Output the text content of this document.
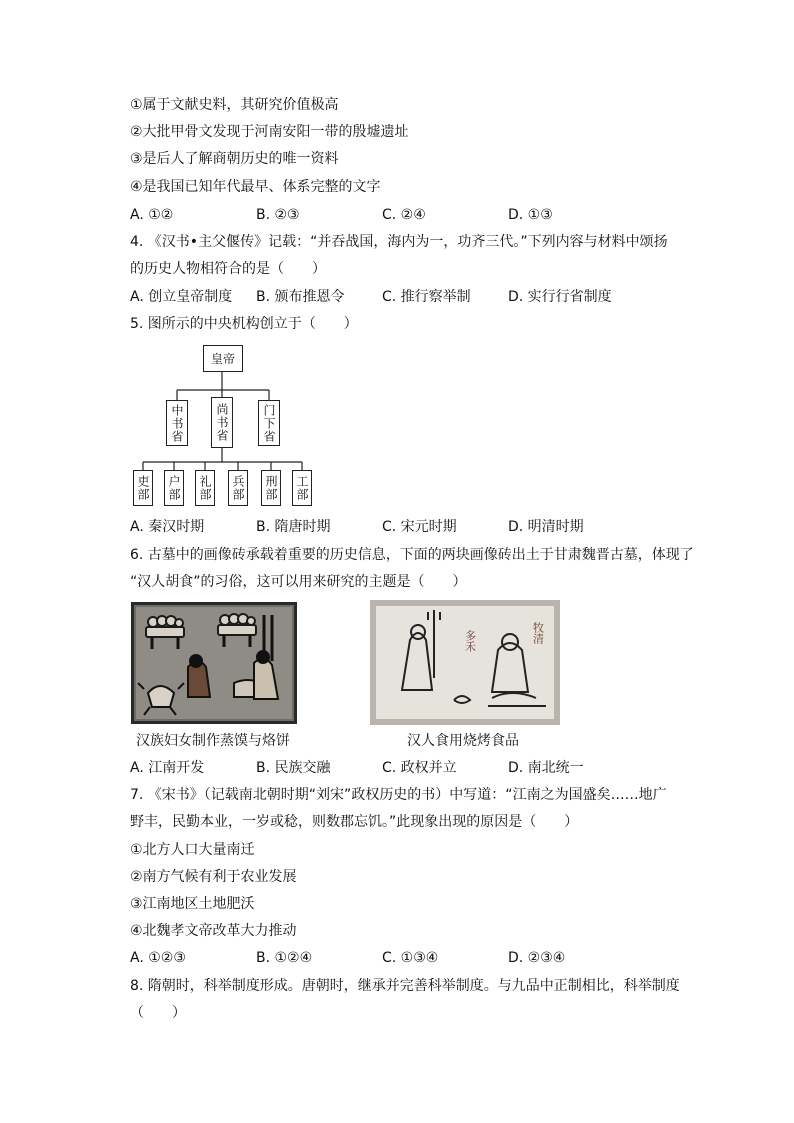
①属于文献史料，其研究价值极高
②大批甲骨文发现于河南安阳一带的殷墟遗址
③是后人了解商朝历史的唯一资料
④是我国已知年代最早、体系完整的文字
A. ①②	B. ②③	C. ②④	D. ①③
4. 《汉书•主父偃传》记载：“并吞战国，海内为一，功齐三代。”下列内容与材料中颂扬
的历史人物相符合的是（　　）
A. 创立皇帝制度 B. 颁布推恩令	C. 推行察举制	D. 实行行省制度
5. 图所示的中央机构创立于（　　）
皇帝
中书省	尚书省	门下省
吏部 户部 礼部 兵部 刑部 工部
A. 秦汉时期	B. 隋唐时期	C. 宋元时期	D. 明清时期
6. 古墓中的画像砖承载着重要的历史信息，下面的两块画像砖出土于甘肃魏晋古墓，体现了
“汉人胡食”的习俗，这可以用来研究的主题是（　　）
多禾	牧清
汉族妇女制作蒸馍与烙饼	汉人食用烧烤食品
A. 江南开发	B. 民族交融	C. 政权并立	D. 南北统一
7. 《宋书》（记载南北朝时期“刘宋”政权历史的书）中写道：“江南之为国盛矣……地广
野丰，民勤本业，一岁或稔，则数郡忘饥。”此现象出现的原因是（　　）
①北方人口大量南迁
②南方气候有利于农业发展
③江南地区土地肥沃
④北魏孝文帝改革大力推动
A. ①②③	B. ①②④	C. ①③④	D. ②③④
8. 隋朝时，科举制度形成。唐朝时，继承并完善科举制度。与九品中正制相比，科举制度
（　　）
